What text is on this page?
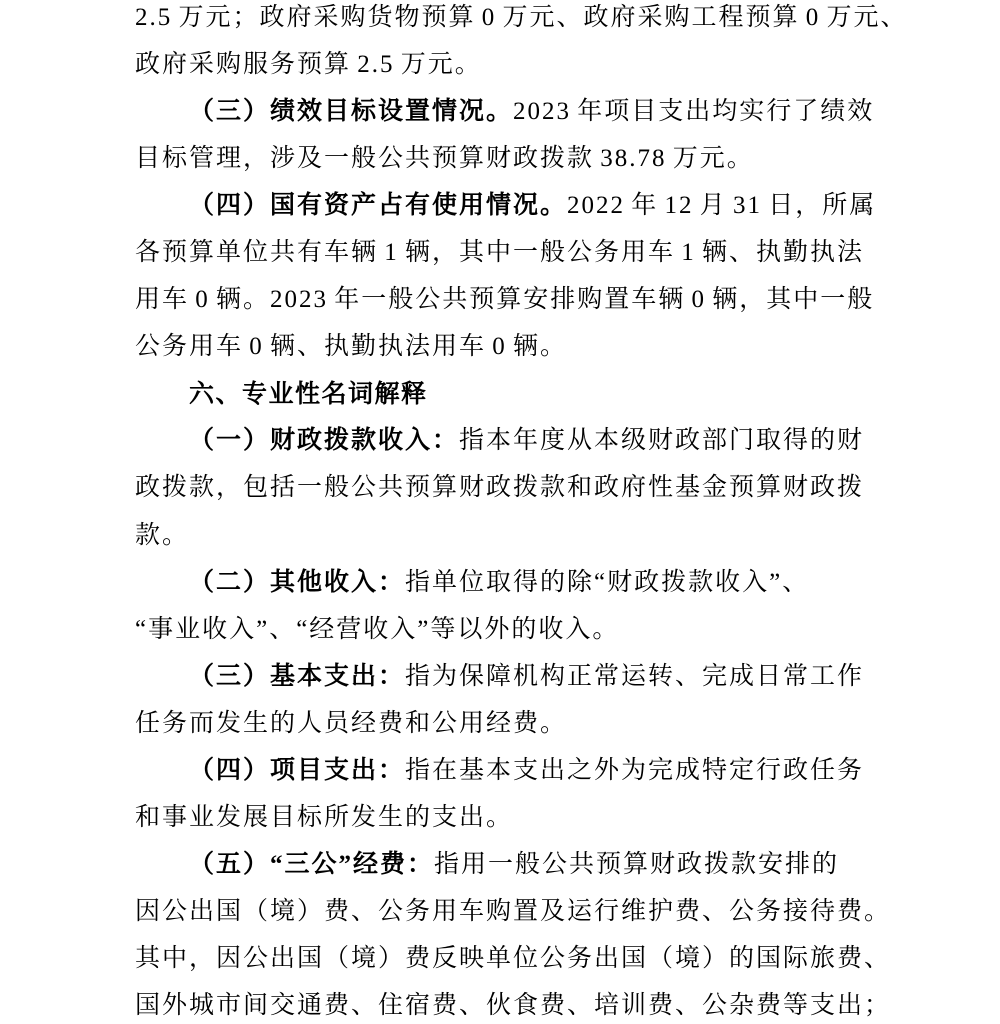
2.5 万元；政府采购货物预算 0 万元、政府采购工程预算 0 万元、
政府采购服务预算 2.5 万元。
（三）绩效目标设置情况。2023 年项目支出均实行了绩效
目标管理，涉及一般公共预算财政拨款 38.78 万元。
（四）国有资产占有使用情况。2022 年 12 月 31 日，所属
各预算单位共有车辆 1 辆，其中一般公务用车 1 辆、执勤执法
用车 0 辆。2023 年一般公共预算安排购置车辆 0 辆，其中一般
公务用车 0 辆、执勤执法用车 0 辆。
六、专业性名词解释
（一）财政拨款收入：指本年度从本级财政部门取得的财
政拨款，包括一般公共预算财政拨款和政府性基金预算财政拨
款。
（二）其他收入：指单位取得的除“财政拨款收入”、
“事业收入”、“经营收入”等以外的收入。
（三）基本支出：指为保障机构正常运转、完成日常工作
任务而发生的人员经费和公用经费。
（四）项目支出：指在基本支出之外为完成特定行政任务
和事业发展目标所发生的支出。
（五）“三公”经费：指用一般公共预算财政拨款安排的
因公出国（境）费、公务用车购置及运行维护费、公务接待费。
其中，因公出国（境）费反映单位公务出国（境）的国际旅费、
国外城市间交通费、住宿费、伙食费、培训费、公杂费等支出；
